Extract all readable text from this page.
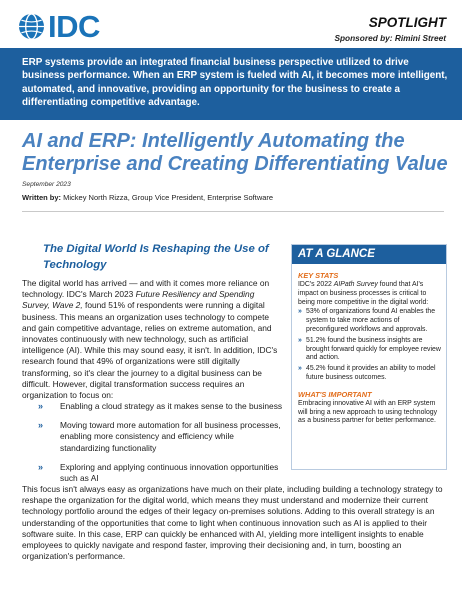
IDC	SPOTLIGHT
Sponsored by: Rimini Street

ERP systems provide an integrated financial business perspective utilized to drive business performance. When an ERP system is fueled with AI, it becomes more intelligent, automated, and innovative, providing an opportunity for the business to create a differentiating competitive advantage.

AI and ERP: Intelligently Automating the Enterprise and Creating Differentiating Value
September 2023
Written by: Mickey North Rizza, Group Vice President, Enterprise Software
The Digital World Is Reshaping the Use of Technology

The digital world has arrived — and with it comes more reliance on technology. IDC's March 2023 Future Resiliency and Spending Survey, Wave 2, found 51% of respondents were running a digital business. This means an organization uses technology to compete and gain competitive advantage, relies on extreme automation, and innovates continuously with new technology, such as artificial intelligence (AI). While this may sound easy, it isn't. In addition, IDC's research found that 49% of organizations were still digitally transforming, so it's clear the journey to a digital business can be difficult. However, digital transformation success requires an organization to focus on:

» Enabling a cloud strategy as it makes sense to the business
» Moving toward more automation for all business processes, enabling more consistency and efficiency while standardizing functionality
» Exploring and applying continuous innovation opportunities such as AI

This focus isn't always easy as organizations have much on their plate, including building a technology strategy to reshape the organization for the digital world, which means they must understand and modernize their current technology portfolio around the edges of their legacy on-premises solutions. Adding to this overall strategy is an understanding of the opportunities that come to light when continuous innovation such as AI is applied to their software suite. In this case, ERP can quickly be enhanced with AI, yielding more intelligent insights to enable employees to quickly navigate and respond faster, improving their decisioning and, in turn, boosting an organization's performance.

AT A GLANCE
KEY STATS

IDC's 2022 AIPath Survey found that AI's impact on business processes is critical to being more competitive in the digital world:

» 53% of organizations found AI enables the system to take more actions of preconfigured workflows and approvals.
» 51.2% found the business insights are brought forward quickly for employee review and action.
» 45.2% found it provides an ability to model future business outcomes.
WHAT'S IMPORTANT

Embracing innovative AI with an ERP system will bring a new approach to using technology as a business partner for better performance.
